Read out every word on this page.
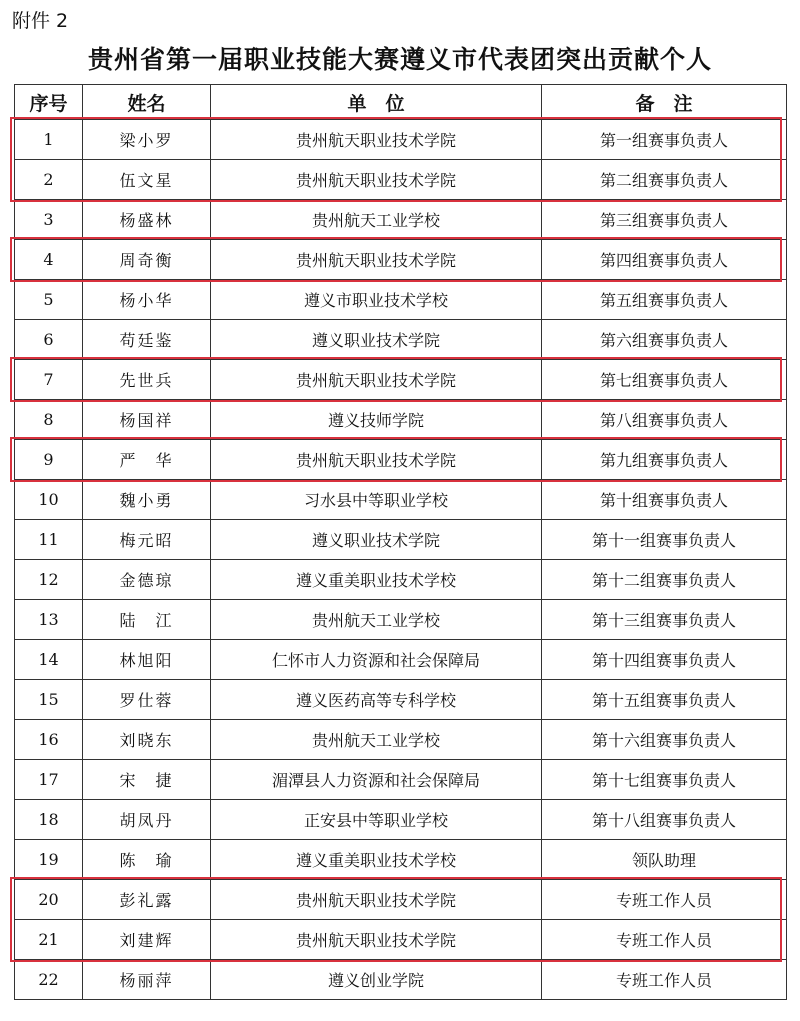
附件 2
贵州省第一届职业技能大赛遵义市代表团突出贡献个人
序号	姓名	单　位	备　注
1	梁小罗	贵州航天职业技术学院	第一组赛事负责人
2	伍文星	贵州航天职业技术学院	第二组赛事负责人
3	杨盛林	贵州航天工业学校	第三组赛事负责人
4	周奇衡	贵州航天职业技术学院	第四组赛事负责人
5	杨小华	遵义市职业技术学校	第五组赛事负责人
6	苟廷鉴	遵义职业技术学院	第六组赛事负责人
7	先世兵	贵州航天职业技术学院	第七组赛事负责人
8	杨国祥	遵义技师学院	第八组赛事负责人
9	严　华	贵州航天职业技术学院	第九组赛事负责人
10	魏小勇	习水县中等职业学校	第十组赛事负责人
11	梅元昭	遵义职业技术学院	第十一组赛事负责人
12	金德琼	遵义重美职业技术学校	第十二组赛事负责人
13	陆　江	贵州航天工业学校	第十三组赛事负责人
14	林旭阳	仁怀市人力资源和社会保障局	第十四组赛事负责人
15	罗仕蓉	遵义医药高等专科学校	第十五组赛事负责人
16	刘晓东	贵州航天工业学校	第十六组赛事负责人
17	宋　捷	湄潭县人力资源和社会保障局	第十七组赛事负责人
18	胡凤丹	正安县中等职业学校	第十八组赛事负责人
19	陈　瑜	遵义重美职业技术学校	领队助理
20	彭礼露	贵州航天职业技术学院	专班工作人员
21	刘建辉	贵州航天职业技术学院	专班工作人员
22	杨丽萍	遵义创业学院	专班工作人员
